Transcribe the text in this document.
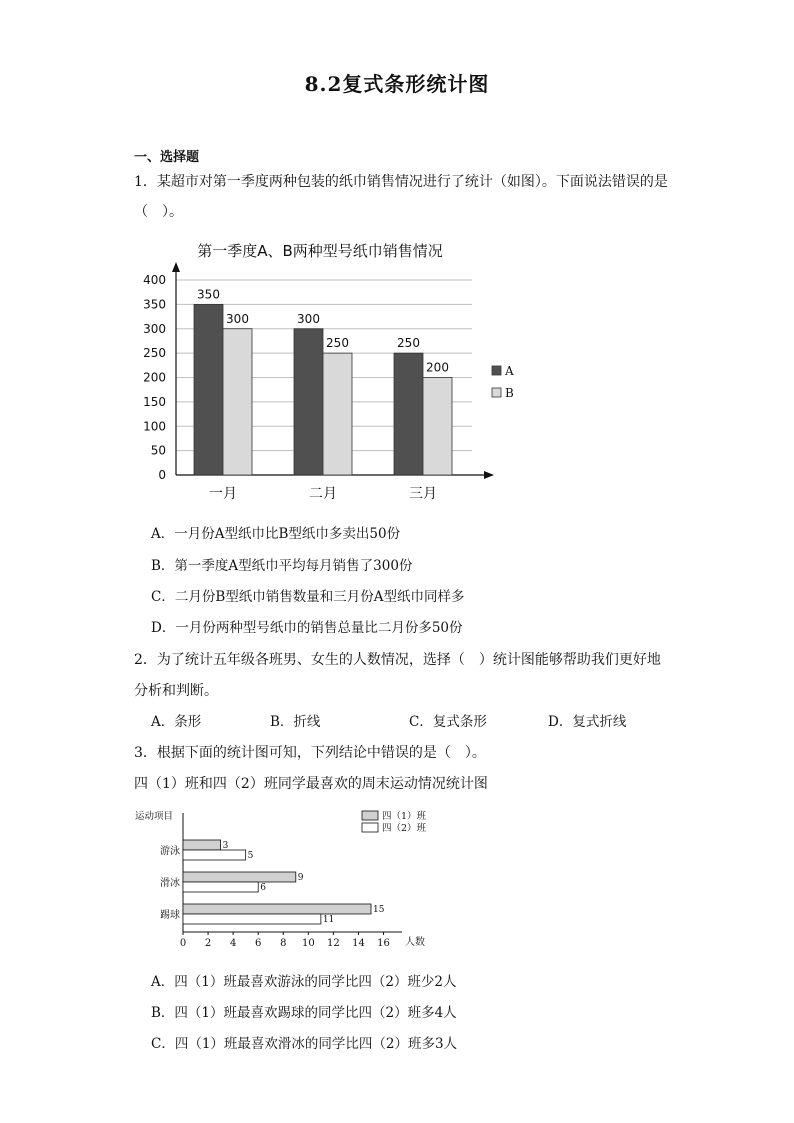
8.2复式条形统计图
一、选择题
1．某超市对第一季度两种包装的纸巾销售情况进行了统计（如图）。下面说法错误的是
（　）。
第一季度A、B两种型号纸巾销售情况
0
50
100
150
200
250
300
350
400
350
300
一月
300
250
二月
250
200
三月
A
B
A．一月份A型纸巾比B型纸巾多卖出50份
B．第一季度A型纸巾平均每月销售了300份
C．二月份B型纸巾销售数量和三月份A型纸巾同样多
D．一月份两种型号纸巾的销售总量比二月份多50份
2．为了统计五年级各班男、女生的人数情况，选择（　）统计图能够帮助我们更好地
分析和判断。
A．条形	B．折线	C．复式条形	D．复式折线
3．根据下面的统计图可知，下列结论中错误的是（　）。
四（1）班和四（2）班同学最喜欢的周末运动情况统计图
运动项目
人数
0 2 4 6 8 10 12 14 16
3
5
游泳
9
6
滑冰
15
11
踢球
四（1）班
四（2）班
A．四（1）班最喜欢游泳的同学比四（2）班少2人
B．四（1）班最喜欢踢球的同学比四（2）班多4人
C．四（1）班最喜欢滑冰的同学比四（2）班多3人
